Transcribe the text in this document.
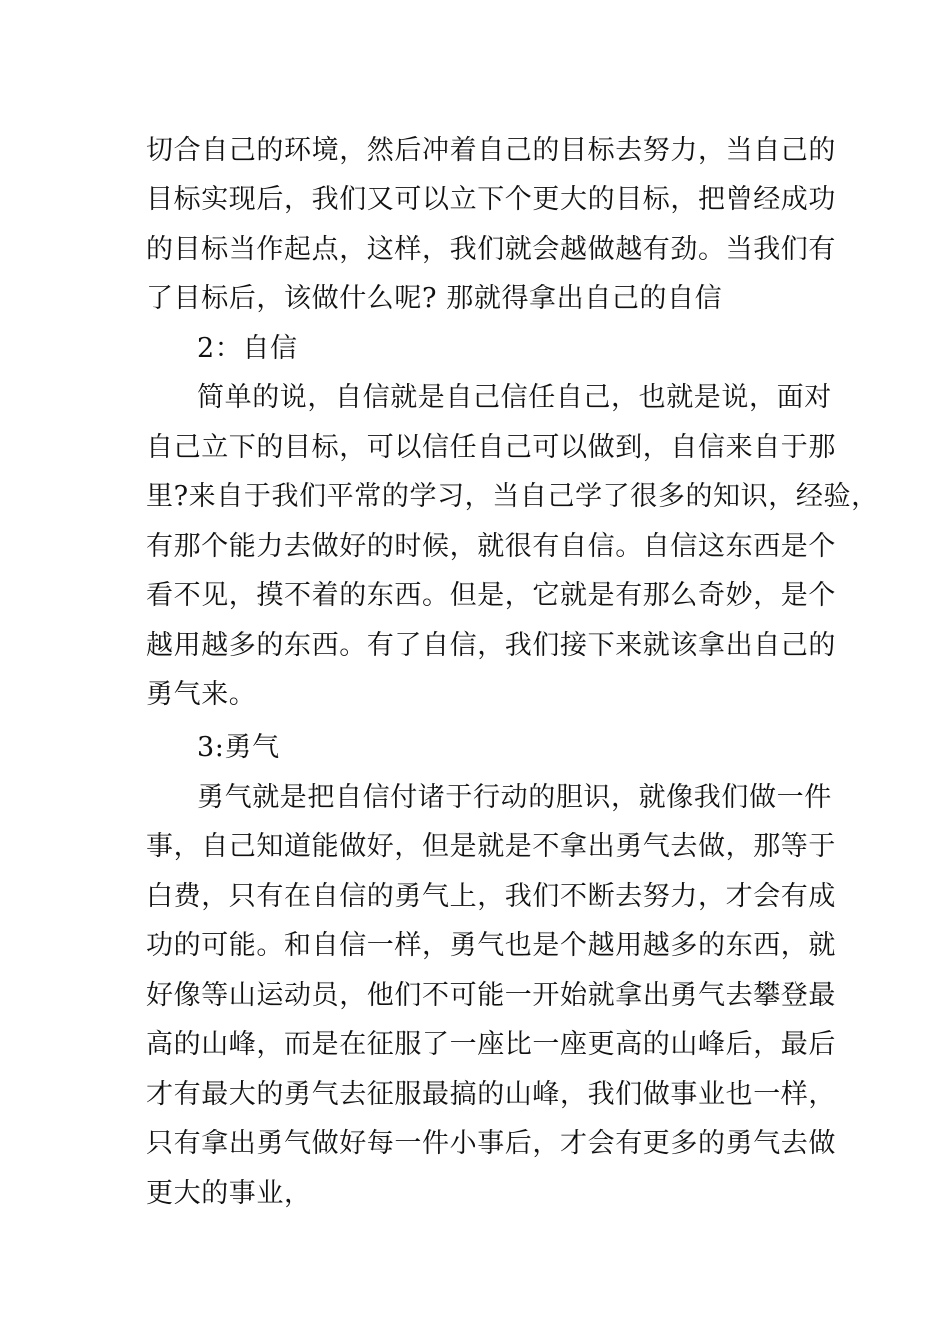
切合自己的环境，然后冲着自己的目标去努力，当自己的
目标实现后，我们又可以立下个更大的目标，把曾经成功
的目标当作起点，这样，我们就会越做越有劲。当我们有
了目标后，该做什么呢? 那就得拿出自己的自信
2：自信
简单的说，自信就是自己信任自己，也就是说，面对
自己立下的目标，可以信任自己可以做到，自信来自于那
里?来自于我们平常的学习，当自己学了很多的知识，经验，
有那个能力去做好的时候，就很有自信。自信这东西是个
看不见，摸不着的东西。但是，它就是有那么奇妙，是个
越用越多的东西。有了自信，我们接下来就该拿出自己的
勇气来。
3:勇气
勇气就是把自信付诸于行动的胆识，就像我们做一件
事，自己知道能做好，但是就是不拿出勇气去做，那等于
白费，只有在自信的勇气上，我们不断去努力，才会有成
功的可能。和自信一样，勇气也是个越用越多的东西，就
好像等山运动员，他们不可能一开始就拿出勇气去攀登最
高的山峰，而是在征服了一座比一座更高的山峰后，最后
才有最大的勇气去征服最搞的山峰，我们做事业也一样，
只有拿出勇气做好每一件小事后，才会有更多的勇气去做
更大的事业，
